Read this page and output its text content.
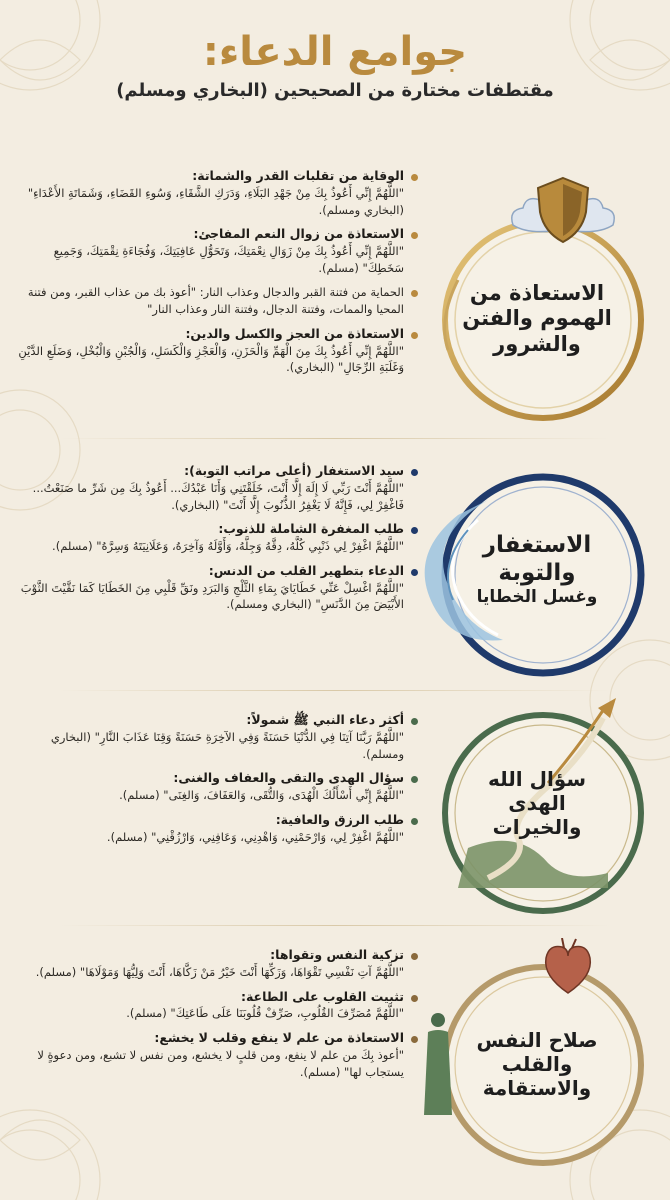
جوامع الدعاء:
مقتطفات مختارة من الصحيحين (البخاري ومسلم)
الوقاية من تقلبات القدر والشماتة:
"اللَّهُمَّ إِنِّي أَعُوذُ بِكَ مِنْ جَهْدِ البَلَاءِ، وَدَرَكِ الشَّقَاءِ، وَسُوءِ القَضَاءِ، وَشَمَاتَةِ الأَعْدَاءِ" (البخاري ومسلم).
الاستعاذة من زوال النعم المفاجئ:
"اللَّهُمَّ إِنِّي أَعُوذُ بِكَ مِنْ زَوَالِ نِعْمَتِكَ، وَتَحَوُّلِ عَافِيَتِكَ، وَفُجَاءَةِ نِقْمَتِكَ، وَجَمِيعِ سَخَطِكَ" (مسلم).
الحماية من فتنة القبر والدجال وعذاب النار: "أعوذ بك من عذاب القبر، ومن فتنة المحيا والممات، وفتنة الدجال، وفتنة النار وعذاب النار"
الاستعاذة من العجز والكسل والدين:
"اللَّهُمَّ إِنِّي أَعُوذُ بِكَ مِنَ الْهَمِّ وَالْحَزَنِ، وَالْعَجْزِ وَالْكَسَلِ، وَالْجُبْنِ وَالْبُخْلِ، وَضَلَعِ الدَّيْنِ وَغَلَبَةِ الرِّجَالِ" (البخاري).
الاستعاذة من
الهموم والفتن
والشرور
سيد الاستغفار (أعلى مراتب التوبة):
"اللَّهُمَّ أَنْتَ رَبِّي لَا إِلَهَ إِلَّا أَنْتَ، خَلَقْتَنِي وَأَنَا عَبْدُكَ... أَعُوذُ بِكَ مِن شَرِّ ما صَنَعْتُ... فَاغْفِرْ لِي، فَإِنَّهُ لَا يَغْفِرُ الذُّنُوبَ إِلَّا أَنْتَ" (البخاري).
طلب المغفرة الشاملة للذنوب:
"اللَّهُمَّ اغْفِرْ لِي ذَنْبِي كُلَّهُ، دِقَّهُ وَجِلَّهُ، وَأَوَّلَهُ وَآخِرَهُ، وَعَلَانِيَتَهُ وَسِرَّهُ" (مسلم).
الدعاء بتطهير القلب من الدنس:
"اللَّهُمَّ اغْسِلْ عَنِّي خَطَايَايَ بِمَاءِ الثَّلْجِ وَالبَرَدِ ونَقِّ قَلْبِي مِنَ الخَطَايَا كَمَا نَقَّيْتَ الثَّوْبَ الأَبْيَضَ مِنَ الدَّنَسِ" (البخاري ومسلم).
الاستغفار
والتوبة
وغسل الخطايا
أكثر دعاء النبي ﷺ شمولاً:
"اللَّهُمَّ رَبَّنَا آتِنَا فِي الدُّنْيَا حَسَنَةً وَفِي الآخِرَةِ حَسَنَةً وَقِنَا عَذَابَ النَّارِ" (البخاري ومسلم).
سؤال الهدى والتقى والعفاف والغنى:
"اللَّهُمَّ إِنِّي أَسْأَلُكَ الْهُدَى، وَالتُّقَى، وَالعَفَافَ، وَالغِنَى" (مسلم).
طلب الرزق والعافية:
"اللَّهُمَّ اغْفِرْ لِي، وَارْحَمْنِي، وَاهْدِنِي، وَعَافِنِي، وَارْزُقْنِي" (مسلم).
سؤال الله الهدى
والخيرات
تزكية النفس وتقواها:
"اللَّهُمَّ آتِ نَفْسِي تَقْوَاهَا، وَزَكِّهَا أَنْتَ خَيْرُ مَنْ زَكَّاهَا، أَنْتَ وَلِيُّهَا وَمَوْلَاهَا" (مسلم).
تثبيت القلوب على الطاعة:
"اللَّهُمَّ مُصَرِّفَ القُلُوبِ، صَرِّفْ قُلُوبَنَا عَلَى طَاعَتِكَ" (مسلم).
الاستعاذة من علم لا ينفع وقلب لا يخشع:
"أعوذ بِكَ من علم لا ينفع، ومن قلبٍ لا يخشع، ومن نفس لا تشبع، ومن دعوةٍ لا يستجاب لها" (مسلم).
صلاح النفس
والقلب
والاستقامة
